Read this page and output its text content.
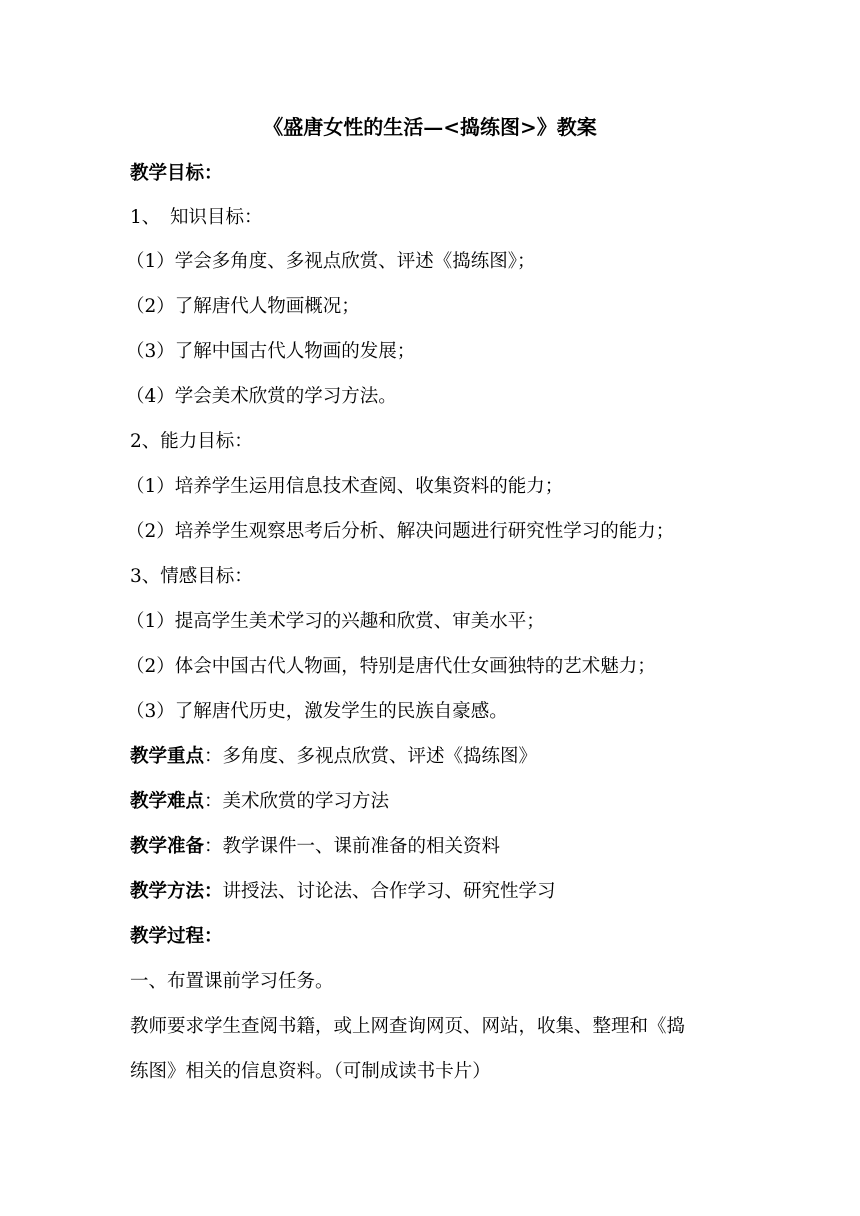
《盛唐女性的生活—<捣练图>》教案
教学目标：
1、 知识目标：
（1）学会多角度、多视点欣赏、评述《捣练图》；
（2）了解唐代人物画概况；
（3）了解中国古代人物画的发展；
（4）学会美术欣赏的学习方法。
2、能力目标：
（1）培养学生运用信息技术查阅、收集资料的能力；
（2）培养学生观察思考后分析、解决问题进行研究性学习的能力；
3、情感目标：
（1）提高学生美术学习的兴趣和欣赏、审美水平；
（2）体会中国古代人物画，特别是唐代仕女画独特的艺术魅力；
（3）了解唐代历史，激发学生的民族自豪感。
教学重点：多角度、多视点欣赏、评述《捣练图》
教学难点：美术欣赏的学习方法
教学准备：教学课件一、课前准备的相关资料
教学方法：讲授法、讨论法、合作学习、研究性学习
教学过程：
一、布置课前学习任务。
教师要求学生查阅书籍，或上网查询网页、网站，收集、整理和《捣
练图》相关的信息资料。（可制成读书卡片）
